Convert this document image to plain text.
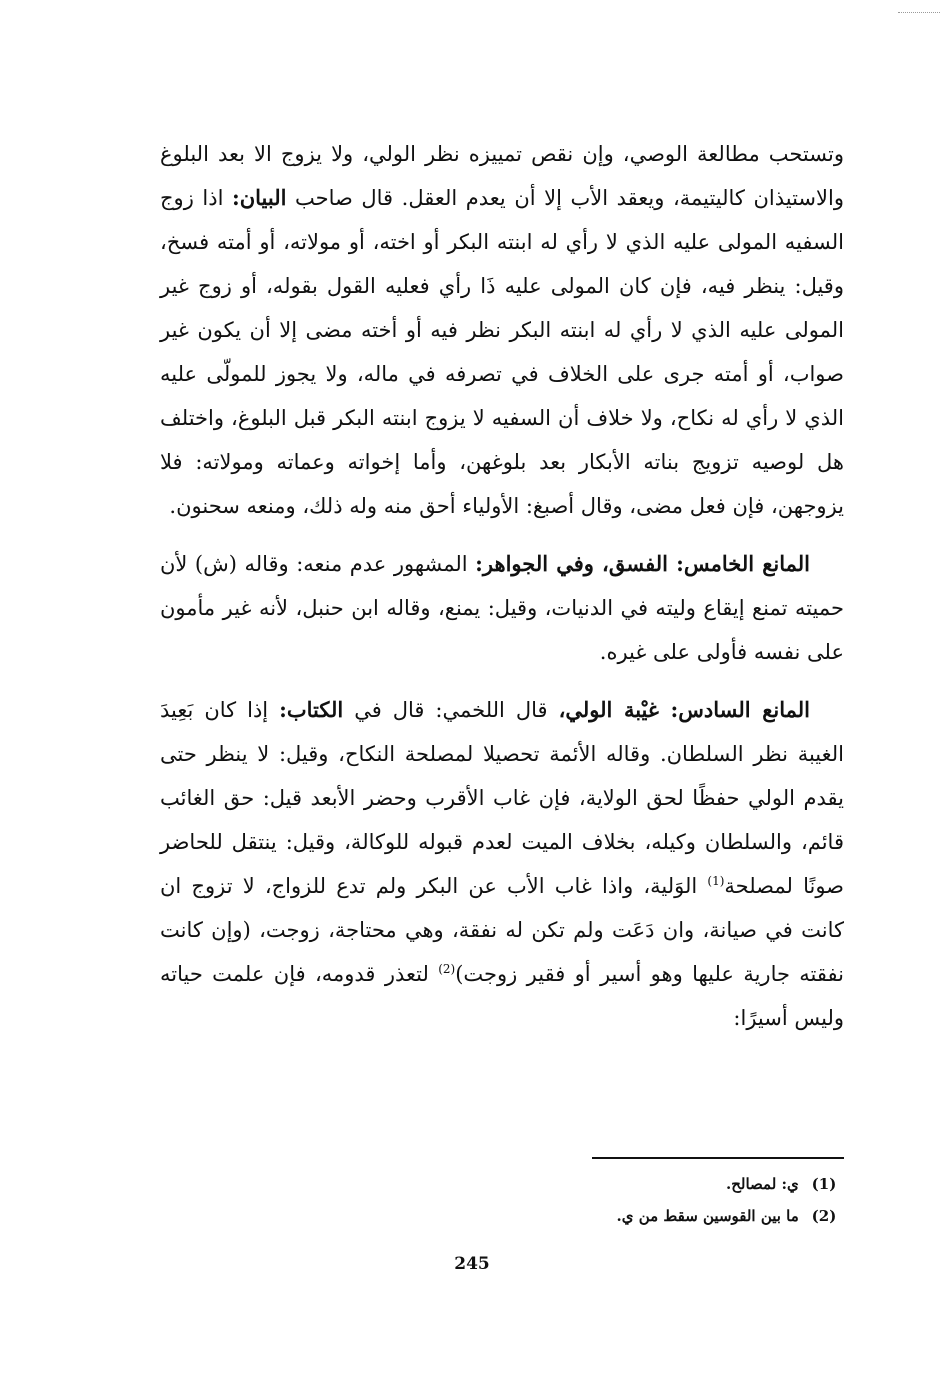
وتستحب مطالعة الوصي، وإن نقص تمييزه نظر الولي، ولا يزوج الا بعد البلوغ والاستيذان كاليتيمة، ويعقد الأب إلا أن يعدم العقل. قال صاحب البيان: اذا زوج السفيه المولى عليه الذي لا رأي له ابنته البكر أو اخته، أو مولاته، أو أمته فسخ، وقيل: ينظر فيه، فإن كان المولى عليه ذَا رأي فعليه القول بقوله، أو زوج غير المولى عليه الذي لا رأي له ابنته البكر نظر فيه أو أخته مضى إلا أن يكون غير صواب، أو أمته جرى على الخلاف في تصرفه في ماله، ولا يجوز للمولّى عليه الذي لا رأي له نكاح، ولا خلاف أن السفيه لا يزوج ابنته البكر قبل البلوغ، واختلف هل لوصيه تزويج بناته الأبكار بعد بلوغهن، وأما إخواته وعماته ومولاته: فلا يزوجهن، فإن فعل مضى، وقال أصبغ: الأولياء أحق منه وله ذلك، ومنعه سحنون.

المانع الخامس: الفسق، وفي الجواهر: المشهور عدم منعه: وقاله (ش) لأن حميته تمنع إيقاع وليته في الدنيات، وقيل: يمنع، وقاله ابن حنبل، لأنه غير مأمون على نفسه فأولى على غيره.

المانع السادس: غيْبة الولي، قال اللخمي: قال في الكتاب: إذا كان بَعِيدَ الغيبة نظر السلطان. وقاله الأئمة تحصيلا لمصلحة النكاح، وقيل: لا ينظر حتى يقدم الولي حفظًا لحق الولاية، فإن غاب الأقرب وحضر الأبعد قيل: حق الغائب قائم، والسلطان وكيله، بخلاف الميت لعدم قبوله للوكالة، وقيل: ينتقل للحاضر صونًا لمصلحة$^{(1)}$ الوَلية، واذا غاب الأب عن البكر ولم تدع للزواج، لا تزوج ان كانت في صيانة، وان دَعَت ولم تكن له نفقة، وهي محتاجة، زوجت، (وإن كانت نفقته جارية عليها وهو أسير أو فقير زوجت)$^{(2)}$ لتعذر قدومه، فإن علمت حياته وليس أسيرًا:

(1) ي: لمصالح.
(2) ما بين القوسين سقط من ي.
245
